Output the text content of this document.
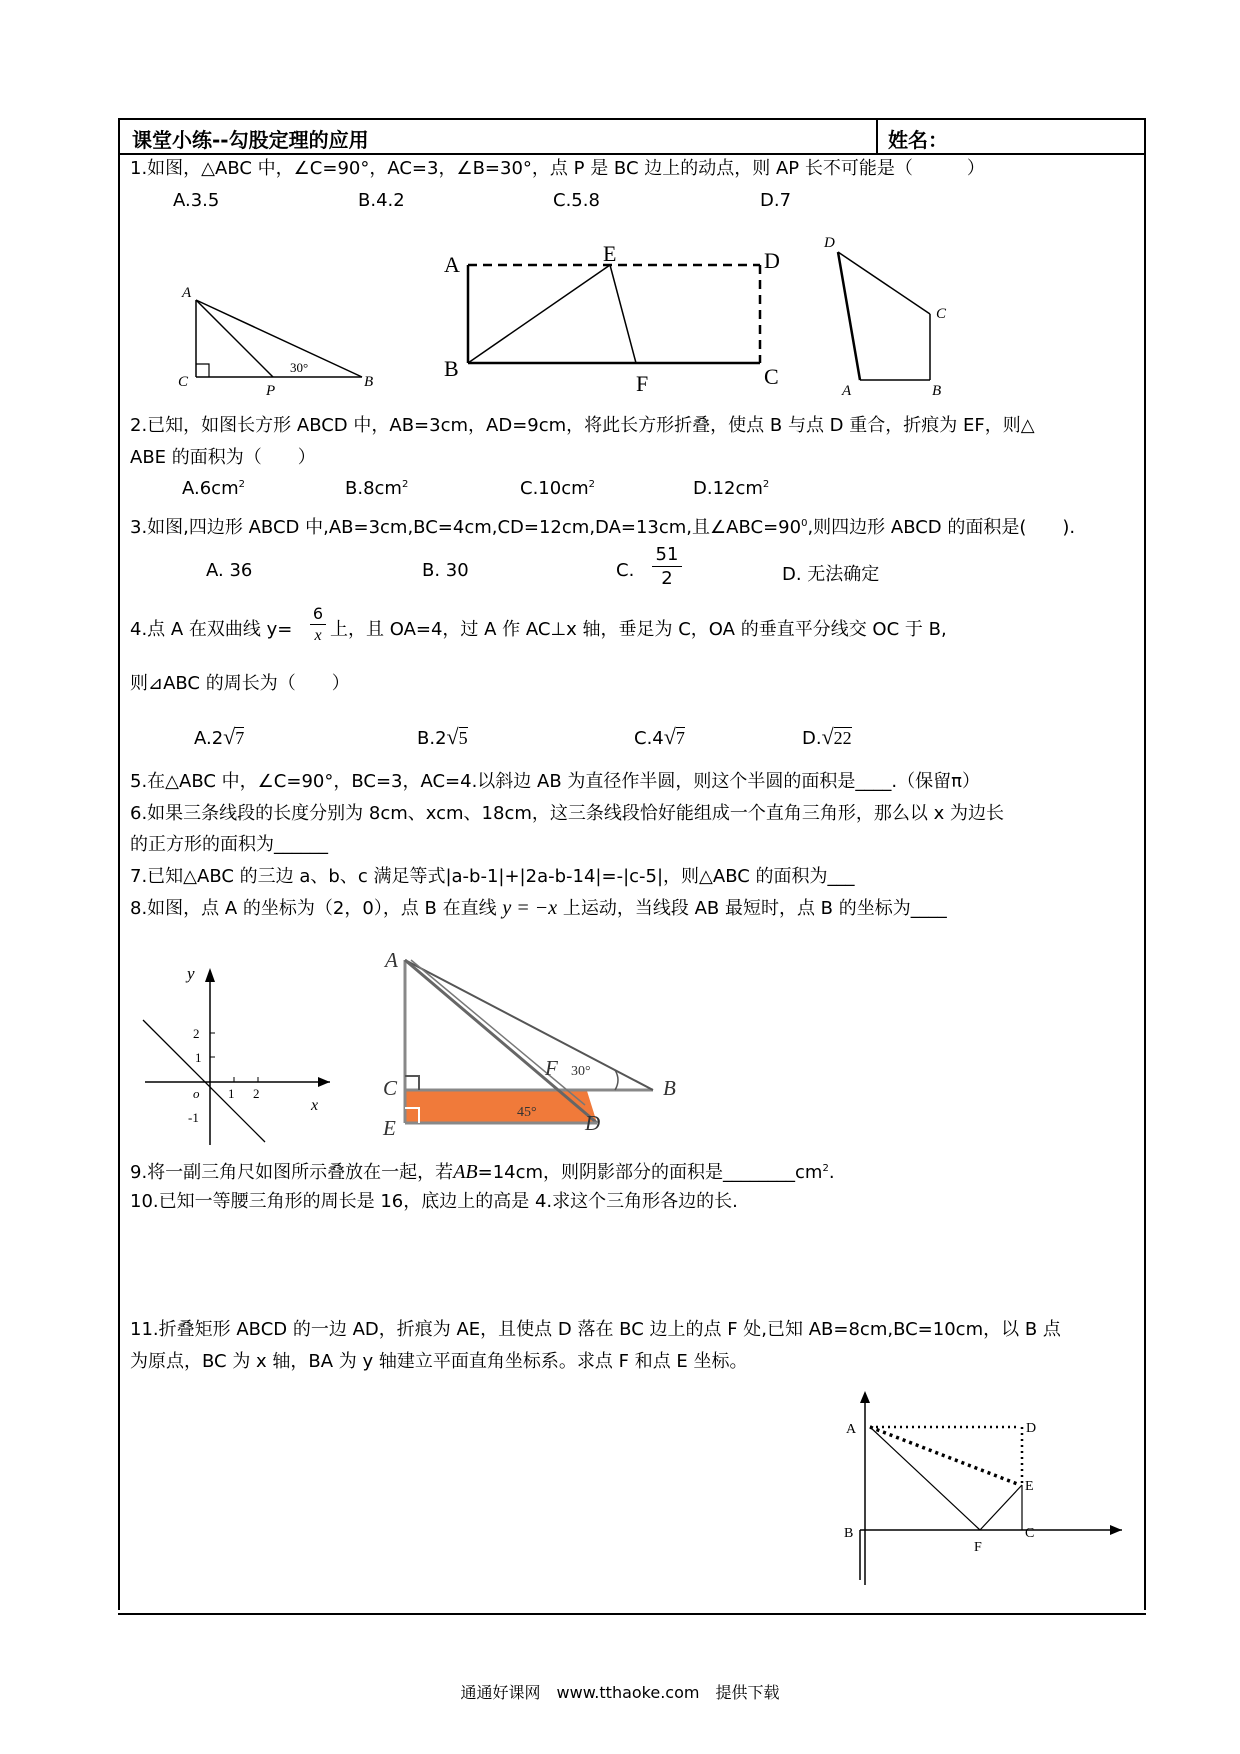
课堂小练--勾股定理的应用	姓名：
1.如图，△ABC 中，∠C=90°，AC=3，∠B=30°，点 P 是 BC 边上的动点，则 AP 长不可能是（　　　）
A.3.5	B.4.2	C.5.8	D.7
A
C
P
B
30°
A	E	D
B
F	C
D
C
A	B
2.已知，如图长方形 ABCD 中，AB=3cm，AD=9cm，将此长方形折叠，使点 B 与点 D 重合，折痕为 EF，则△
ABE 的面积为（　　）
$A.6cm^2$	$B.8cm^2$	$C.10cm^2$	$D.12cm^2$
3.如图,四边形 ABCD 中,AB=3cm,BC=4cm,CD=12cm,DA=13cm,且$\angle ABC=90^0$,则四边形 ABCD 的面积是(　　).
A. 36	B. 30	C. $\frac{51}{2}$	D. 无法确定
4.点 A 在双曲线 $y= \frac{6}{x}$ 上，且 OA=4，过 A 作 AC⊥x 轴，垂足为 C，OA 的垂直平分线交 OC 于 B,
则⊿ABC 的周长为（　　）
A.2√7	B.2√5	C.4√7	D.√22
5.在△ABC 中，∠C=90°，BC=3，AC=4.以斜边 AB 为直径作半圆，则这个半圆的面积是____.（保留π）
6.如果三条线段的长度分别为 8cm、xcm、18cm，这三条线段恰好能组成一个直角三角形，那么以 x 为边长
的正方形的面积为______
7.已知△ABC 的三边 a、b、c 满足等式|a-b-1|+|2a-b-14|=-|c-5|，则△ABC 的面积为___
8.如图，点 A 的坐标为（2，0），点 B 在直线 y = −x 上运动，当线段 AB 最短时，点 B 的坐标为____
y
x
2
1
o 1 2
-1
A
C
E
F
B
D
30°
45°
9.将一副三角尺如图所示叠放在一起，若AB=14cm，则阴影部分的面积是$\_\_\_\_\_\_\_\_cm^2$.
10.已知一等腰三角形的周长是 16，底边上的高是 4.求这个三角形各边的长.
11.折叠矩形 ABCD 的一边 AD，折痕为 AE，且使点 D 落在 BC 边上的点 F 处,已知 AB=8cm,BC=10cm，以 B 点
为原点，BC 为 x 轴，BA 为 y 轴建立平面直角坐标系。求点 F 和点 E 坐标。
A	D
E
C
B
F
通通好课网　www.tthaoke.com　提供下载
